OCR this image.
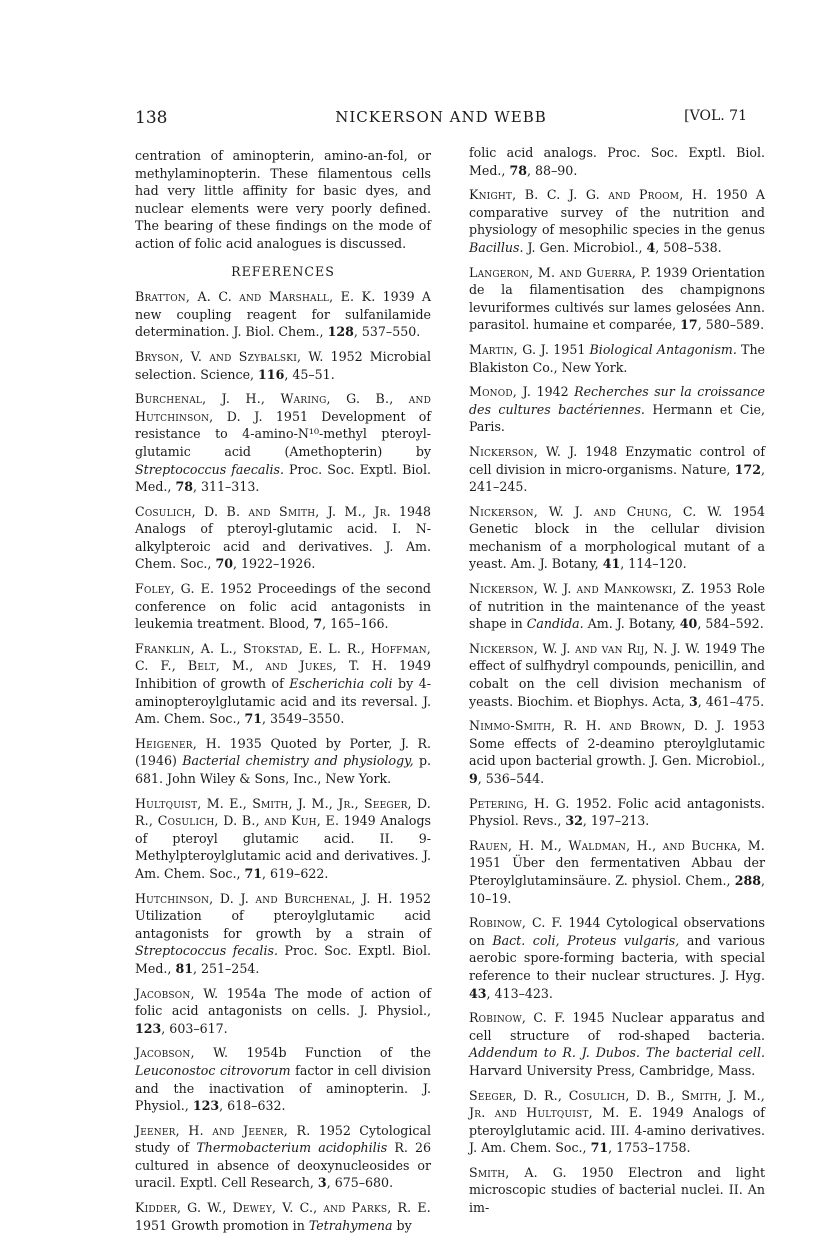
138	NICKERSON AND WEBB	[VOL. 71

centration of aminopterin, amino-an-fol, or methylaminopterin. These filamentous cells had very little affinity for basic dyes, and nuclear elements were very poorly defined. The bearing of these findings on the mode of action of folic acid analogues is discussed.

REFERENCES

Bratton, A. C. and Marshall, E. K. 1939 A new coupling reagent for sulfanilamide determination. J. Biol. Chem., 128, 537–550.

Bryson, V. and Szybalski, W. 1952 Microbial selection. Science, 116, 45–51.

Burchenal, J. H., Waring, G. B., and Hutchinson, D. J. 1951 Development of resistance to 4-amino-N¹⁰-methyl pteroyl-glutamic acid (Amethopterin) by Streptococcus faecalis. Proc. Soc. Exptl. Biol. Med., 78, 311–313.

Cosulich, D. B. and Smith, J. M., Jr. 1948 Analogs of pteroyl-glutamic acid. I. N-alkylpteroic acid and derivatives. J. Am. Chem. Soc., 70, 1922–1926.

Foley, G. E. 1952 Proceedings of the second conference on folic acid antagonists in leukemia treatment. Blood, 7, 165–166.

Franklin, A. L., Stokstad, E. L. R., Hoffman, C. F., Belt, M., and Jukes, T. H. 1949 Inhibition of growth of Escherichia coli by 4-aminopteroylglutamic acid and its reversal. J. Am. Chem. Soc., 71, 3549–3550.

Heigener, H. 1935 Quoted by Porter, J. R. (1946) Bacterial chemistry and physiology, p. 681. John Wiley & Sons, Inc., New York.

Hultquist, M. E., Smith, J. M., Jr., Seeger, D. R., Cosulich, D. B., and Kuh, E. 1949 Analogs of pteroyl glutamic acid. II. 9-Methylpteroylglutamic acid and derivatives. J. Am. Chem. Soc., 71, 619–622.

Hutchinson, D. J. and Burchenal, J. H. 1952 Utilization of pteroylglutamic acid antagonists for growth by a strain of Streptococcus fecalis. Proc. Soc. Exptl. Biol. Med., 81, 251–254.

Jacobson, W. 1954a The mode of action of folic acid antagonists on cells. J. Physiol., 123, 603–617.

Jacobson, W. 1954b Function of the Leuconostoc citrovorum factor in cell division and the inactivation of aminopterin. J. Physiol., 123, 618–632.

Jeener, H. and Jeener, R. 1952 Cytological study of Thermobacterium acidophilis R. 26 cultured in absence of deoxynucleosides or uracil. Exptl. Cell Research, 3, 675–680.

Kidder, G. W., Dewey, V. C., and Parks, R. E. 1951 Growth promotion in Tetrahymena by

folic acid analogs. Proc. Soc. Exptl. Biol. Med., 78, 88–90.

Knight, B. C. J. G. and Proom, H. 1950 A comparative survey of the nutrition and physiology of mesophilic species in the genus Bacillus. J. Gen. Microbiol., 4, 508–538.

Langeron, M. and Guerra, P. 1939 Orientation de la filamentisation des champignons levuriformes cultivés sur lames gelosées Ann. parasitol. humaine et comparée, 17, 580–589.

Martin, G. J. 1951 Biological Antagonism. The Blakiston Co., New York.

Monod, J. 1942 Recherches sur la croissance des cultures bactériennes. Hermann et Cie, Paris.

Nickerson, W. J. 1948 Enzymatic control of cell division in micro-organisms. Nature, 172, 241–245.

Nickerson, W. J. and Chung, C. W. 1954 Genetic block in the cellular division mechanism of a morphological mutant of a yeast. Am. J. Botany, 41, 114–120.

Nickerson, W. J. and Mankowski, Z. 1953 Role of nutrition in the maintenance of the yeast shape in Candida. Am. J. Botany, 40, 584–592.

Nickerson, W. J. and van Rij, N. J. W. 1949 The effect of sulfhydryl compounds, penicillin, and cobalt on the cell division mechanism of yeasts. Biochim. et Biophys. Acta, 3, 461–475.

Nimmo-Smith, R. H. and Brown, D. J. 1953 Some effects of 2-deamino pteroylglutamic acid upon bacterial growth. J. Gen. Microbiol., 9, 536–544.

Petering, H. G. 1952. Folic acid antagonists. Physiol. Revs., 32, 197–213.

Rauen, H. M., Waldman, H., and Buchka, M. 1951 Über den fermentativen Abbau der Pteroylglutaminsäure. Z. physiol. Chem., 288, 10–19.

Robinow, C. F. 1944 Cytological observations on Bact. coli, Proteus vulgaris, and various aerobic spore-forming bacteria, with special reference to their nuclear structures. J. Hyg. 43, 413–423.

Robinow, C. F. 1945 Nuclear apparatus and cell structure of rod-shaped bacteria. Addendum to R. J. Dubos. The bacterial cell. Harvard University Press, Cambridge, Mass.

Seeger, D. R., Cosulich, D. B., Smith, J. M., Jr. and Hultquist, M. E. 1949 Analogs of pteroylglutamic acid. III. 4-amino derivatives. J. Am. Chem. Soc., 71, 1753–1758.

Smith, A. G. 1950 Electron and light microscopic studies of bacterial nuclei. II. An im-
